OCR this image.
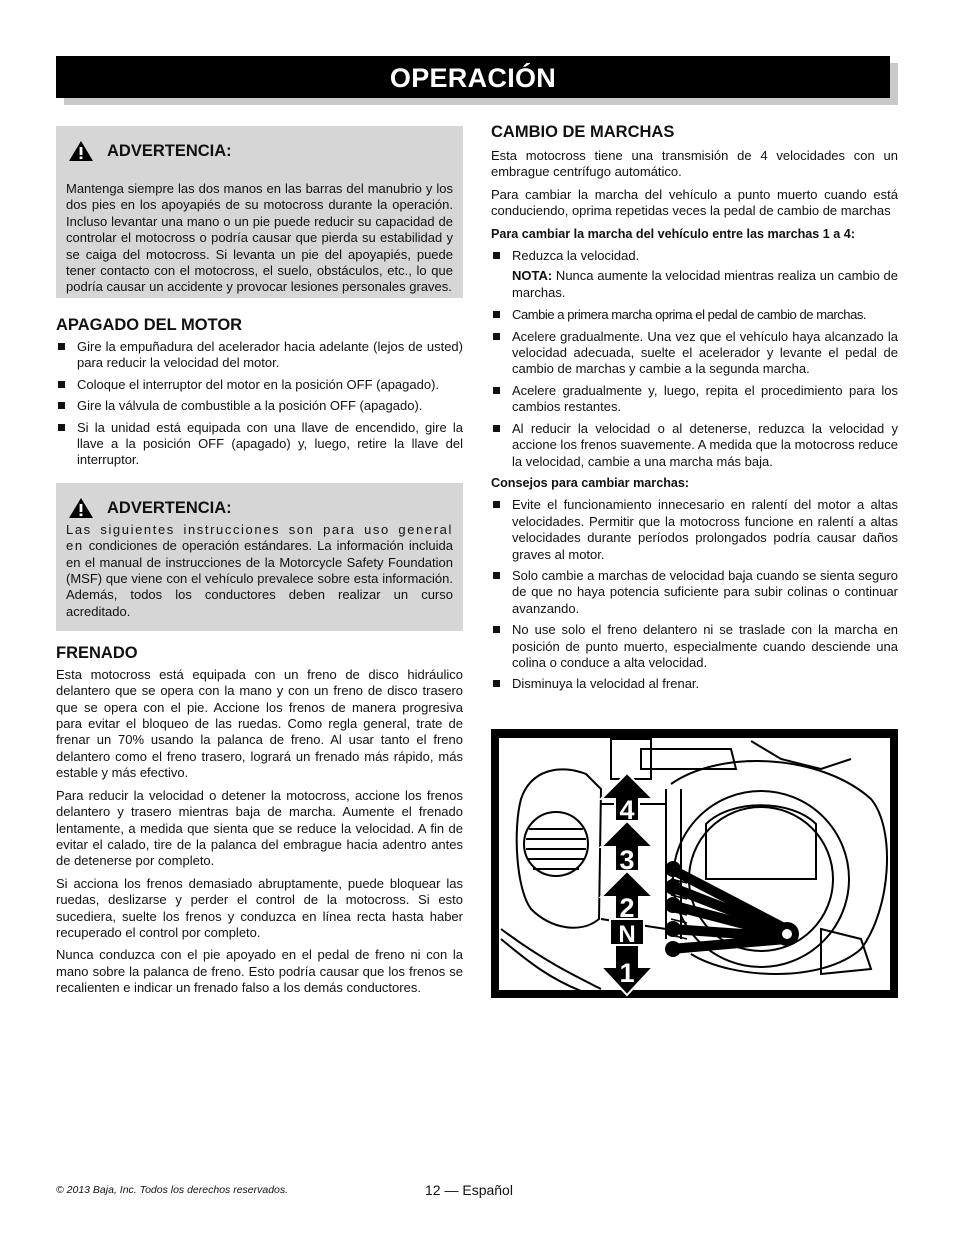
OPERACIÓN
ADVERTENCIA:

Mantenga siempre las dos manos en las barras del manubrio y los dos pies en los apoyapiés de su motocross durante la operación. Incluso levantar una mano o un pie puede reducir su capacidad de controlar el motocross o podría causar que pierda su estabilidad y se caiga del motocross. Si levanta un pie del apoyapiés, puede tener contacto con el motocross, el suelo, obstáculos, etc., lo que podría causar un accidente y provocar lesiones personales graves.

APAGADO DEL MOTOR
Gire la empuñadura del acelerador hacia adelante (lejos de usted) para reducir la velocidad del motor.
Coloque el interruptor del motor en la posición OFF (apagado).
Gire la válvula de combustible a la posición OFF (apagado).
Si la unidad está equipada con una llave de encendido, gire la llave a la posición OFF (apagado) y, luego, retire la llave del interruptor.
ADVERTENCIA:

Las siguientes instrucciones son para uso general en condiciones de operación estándares. La información incluida en el manual de instrucciones de la Motorcycle Safety Foundation (MSF) que viene con el vehículo prevalece sobre esta información. Además, todos los conductores deben realizar un curso acreditado.

FRENADO

Esta motocross está equipada con un freno de disco hidráulico delantero que se opera con la mano y con un freno de disco trasero que se opera con el pie. Accione los frenos de manera progresiva para evitar el bloqueo de las ruedas. Como regla general, trate de frenar un 70% usando la palanca de freno. Al usar tanto el freno delantero como el freno trasero, logrará un frenado más rápido, más estable y más efectivo.

Para reducir la velocidad o detener la motocross, accione los frenos delantero y trasero mientras baja de marcha. Aumente el frenado lentamente, a medida que sienta que se reduce la velocidad. A fin de evitar el calado, tire de la palanca del embrague hacia adentro antes de detenerse por completo.

Si acciona los frenos demasiado abruptamente, puede bloquear las ruedas, deslizarse y perder el control de la motocross. Si esto sucediera, suelte los frenos y conduzca en línea recta hasta haber recuperado el control por completo.

Nunca conduzca con el pie apoyado en el pedal de freno ni con la mano sobre la palanca de freno. Esto podría causar que los frenos se recalienten e indicar un frenado falso a los demás conductores.

CAMBIO DE MARCHAS

Esta motocross tiene una transmisión de 4 velocidades con un embrague centrífugo automático.

Para cambiar la marcha del vehículo a punto muerto cuando está conduciendo, oprima repetidas veces la pedal de cambio de marchas

Para cambiar la marcha del vehículo entre las marchas 1 a 4:
Reduzca la velocidad.

NOTA: Nunca aumente la velocidad mientras realiza un cambio de marchas.

Cambie a primera marcha oprima el pedal de cambio de marchas.
Acelere gradualmente. Una vez que el vehículo haya alcanzado la velocidad adecuada, suelte el acelerador y levante el pedal de cambio de marchas y cambie a la segunda marcha.
Acelere gradualmente y, luego, repita el procedimiento para los cambios restantes.
Al reducir la velocidad o al detenerse, reduzca la velocidad y accione los frenos suavemente. A medida que la motocross reduce la velocidad, cambie a una marcha más baja.
Consejos para cambiar marchas:
Evite el funcionamiento innecesario en ralentí del motor a altas velocidades. Permitir que la motocross funcione en ralentí a altas velocidades durante períodos prolongados podría causar daños graves al motor.
Solo cambie a marchas de velocidad baja cuando se sienta seguro de que no haya potencia suficiente para subir colinas o continuar avanzando.
No use solo el freno delantero ni se traslade con la marcha en posición de punto muerto, especialmente cuando desciende una colina o conduce a alta velocidad.
Disminuya la velocidad al frenar.
4
3
2
N
1
© 2013 Baja, Inc. Todos los derechos reservados.	12 — Español
